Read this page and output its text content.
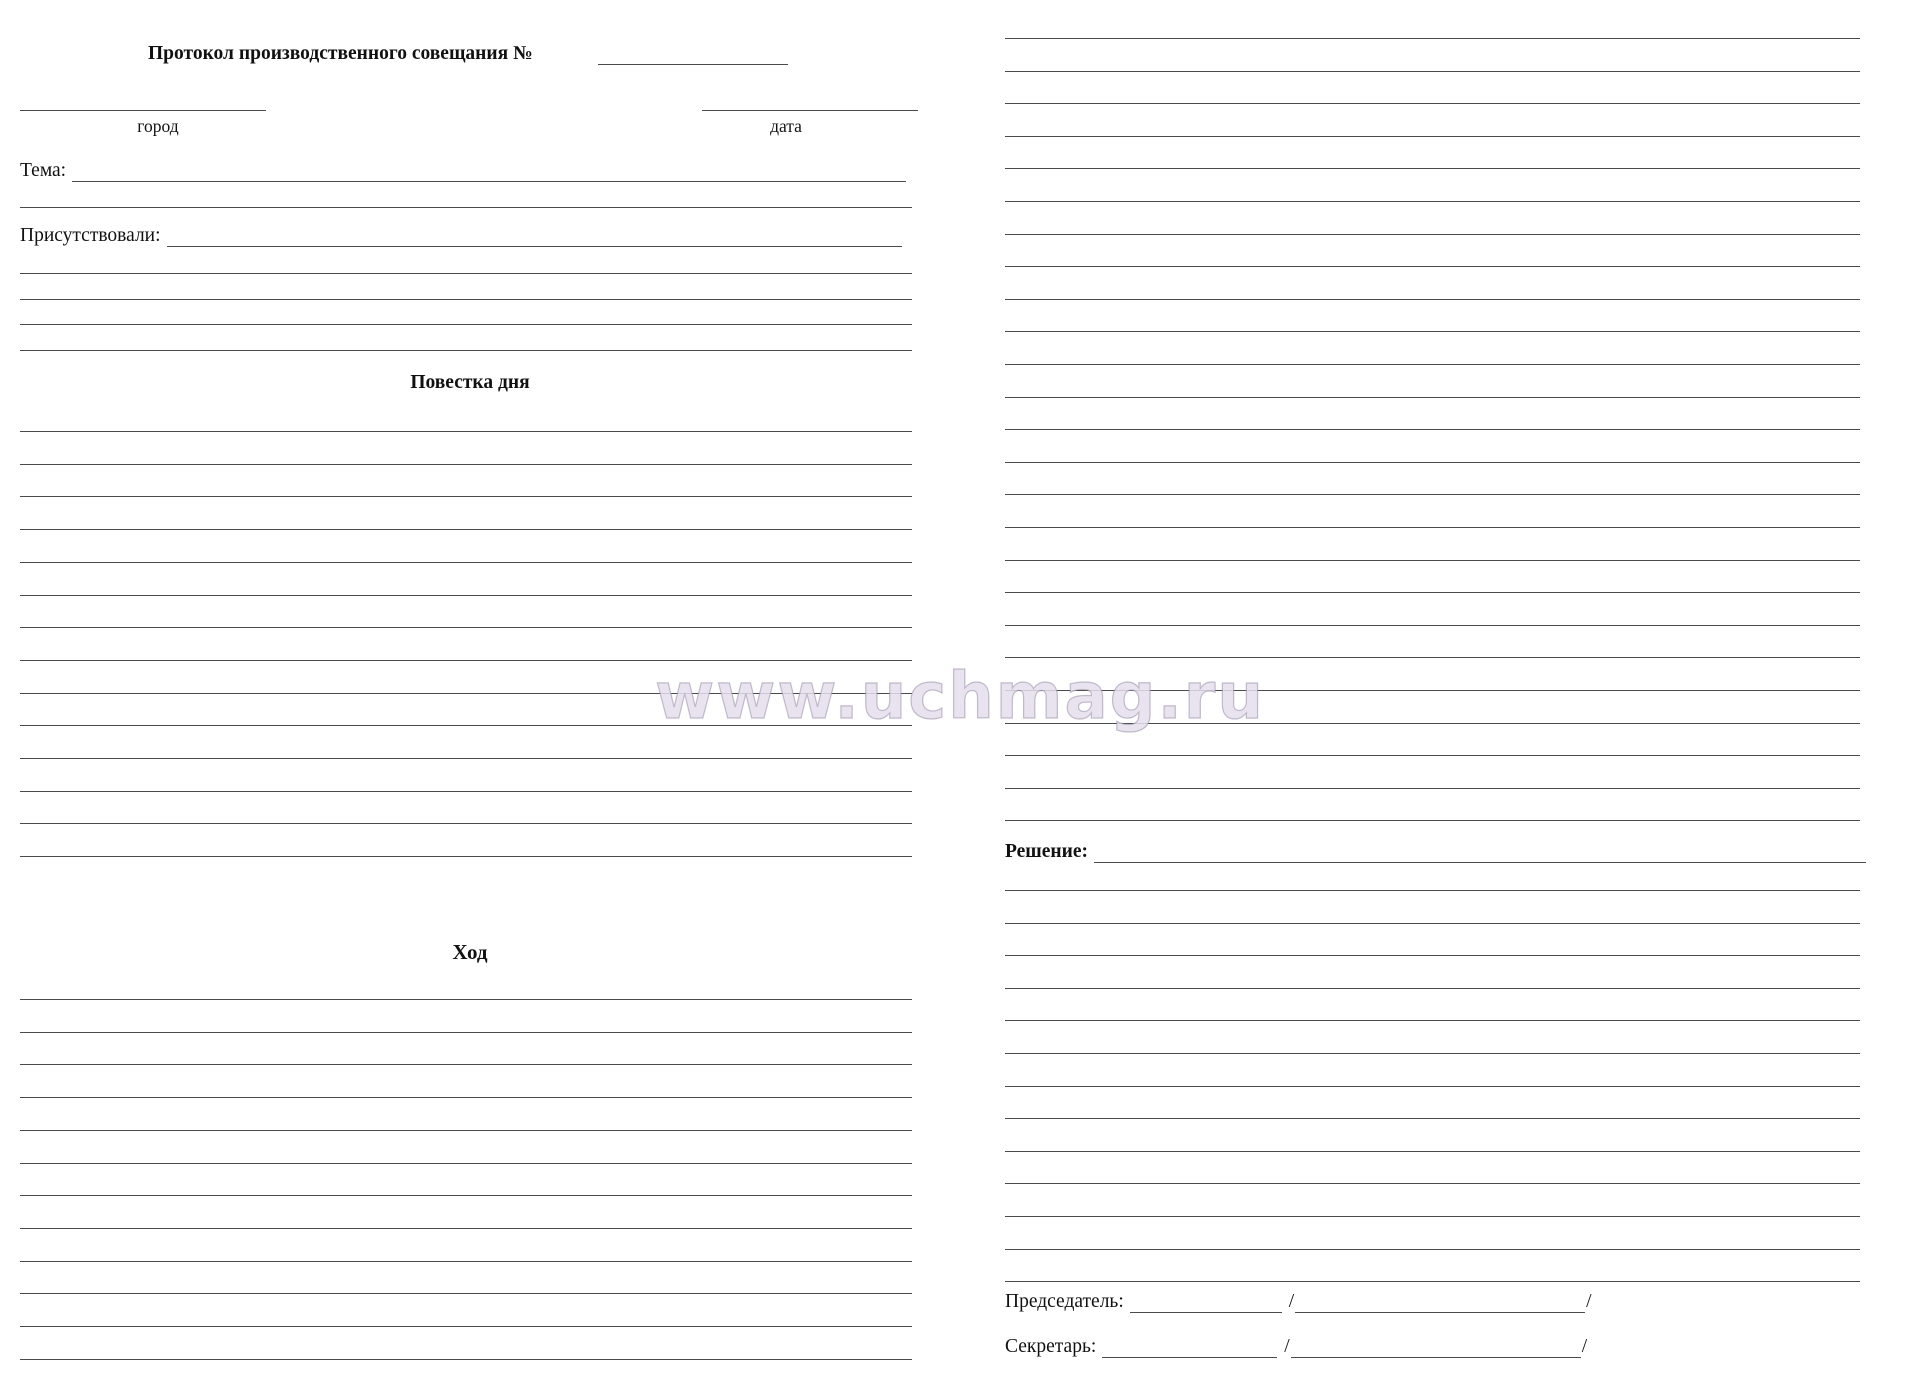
Протокол производственного совещания №
город	дата
Тема:
Присутствовали:
Повестка дня
Ход
Решение:
Председатель:	/	/
Секретарь:	/	/
www.uchmag.ru
